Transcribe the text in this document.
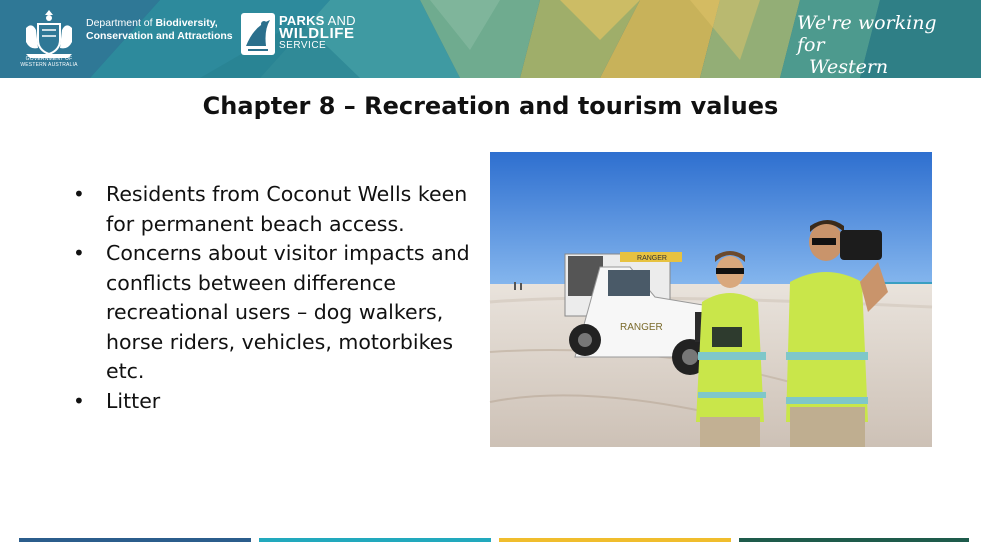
GOVERNMENT OF
WESTERN AUSTRALIA
Department of Biodiversity,
Conservation and Attractions
PARKS AND
WILDLIFE
SERVICE
We're working for
Western Australia.
Chapter 8 – Recreation and tourism values
• Residents from Coconut Wells keen for permanent beach access.
• Concerns about visitor impacts and conflicts between difference recreational users – dog walkers, horse riders, vehicles, motorbikes etc.
• Litter
RANGER
RANGER
